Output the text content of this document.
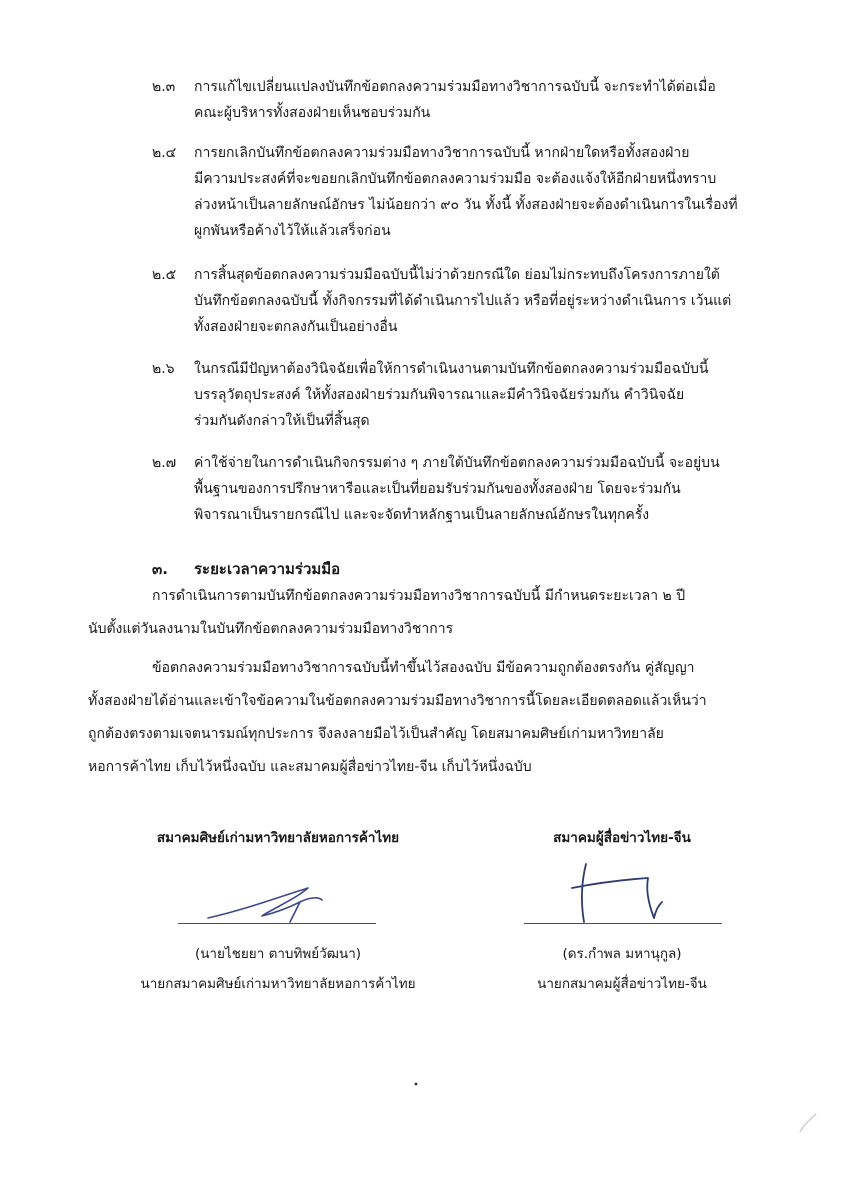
๒.๓ การแก้ไขเปลี่ยนแปลงบันทึกข้อตกลงความร่วมมือทางวิชาการฉบับนี้ จะกระทำได้ต่อเมื่อ
คณะผู้บริหารทั้งสองฝ่ายเห็นชอบร่วมกัน
๒.๔ การยกเลิกบันทึกข้อตกลงความร่วมมือทางวิชาการฉบับนี้ หากฝ่ายใดหรือทั้งสองฝ่าย
มีความประสงค์ที่จะขอยกเลิกบันทึกข้อตกลงความร่วมมือ จะต้องแจ้งให้อีกฝ่ายหนึ่งทราบ
ล่วงหน้าเป็นลายลักษณ์อักษร ไม่น้อยกว่า ๙๐ วัน ทั้งนี้ ทั้งสองฝ่ายจะต้องดำเนินการในเรื่องที่
ผูกพันหรือค้างไว้ให้แล้วเสร็จก่อน
๒.๕ การสิ้นสุดข้อตกลงความร่วมมือฉบับนี้ไม่ว่าด้วยกรณีใด ย่อมไม่กระทบถึงโครงการภายใต้
บันทึกข้อตกลงฉบับนี้ ทั้งกิจกรรมที่ได้ดำเนินการไปแล้ว หรือที่อยู่ระหว่างดำเนินการ เว้นแต่
ทั้งสองฝ่ายจะตกลงกันเป็นอย่างอื่น
๒.๖ ในกรณีมีปัญหาต้องวินิจฉัยเพื่อให้การดำเนินงานตามบันทึกข้อตกลงความร่วมมือฉบับนี้
บรรลุวัตถุประสงค์ ให้ทั้งสองฝ่ายร่วมกันพิจารณาและมีคำวินิจฉัยร่วมกัน คำวินิจฉัย
ร่วมกันดังกล่าวให้เป็นที่สิ้นสุด
๒.๗ ค่าใช้จ่ายในการดำเนินกิจกรรมต่าง ๆ ภายใต้บันทึกข้อตกลงความร่วมมือฉบับนี้ จะอยู่บน
พื้นฐานของการปรึกษาหารือและเป็นที่ยอมรับร่วมกันของทั้งสองฝ่าย โดยจะร่วมกัน
พิจารณาเป็นรายกรณีไป และจะจัดทำหลักฐานเป็นลายลักษณ์อักษรในทุกครั้ง
๓. ระยะเวลาความร่วมมือ
การดำเนินการตามบันทึกข้อตกลงความร่วมมือทางวิชาการฉบับนี้ มีกำหนดระยะเวลา ๒ ปี
นับตั้งแต่วันลงนามในบันทึกข้อตกลงความร่วมมือทางวิชาการ
ข้อตกลงความร่วมมือทางวิชาการฉบับนี้ทำขึ้นไว้สองฉบับ มีข้อความถูกต้องตรงกัน คู่สัญญา
ทั้งสองฝ่ายได้อ่านและเข้าใจข้อความในข้อตกลงความร่วมมือทางวิชาการนี้โดยละเอียดตลอดแล้วเห็นว่า
ถูกต้องตรงตามเจตนารมณ์ทุกประการ จึงลงลายมือไว้เป็นสำคัญ โดยสมาคมศิษย์เก่ามหาวิทยาลัย
หอการค้าไทย เก็บไว้หนึ่งฉบับ และสมาคมผู้สื่อข่าวไทย-จีน เก็บไว้หนึ่งฉบับ
สมาคมศิษย์เก่ามหาวิทยาลัยหอการค้าไทย
(นายไชยยา ตาบทิพย์วัฒนา)
นายกสมาคมศิษย์เก่ามหาวิทยาลัยหอการค้าไทย
สมาคมผู้สื่อข่าวไทย-จีน
(ดร.กำพล มหานุกูล)
นายกสมาคมผู้สื่อข่าวไทย-จีน
